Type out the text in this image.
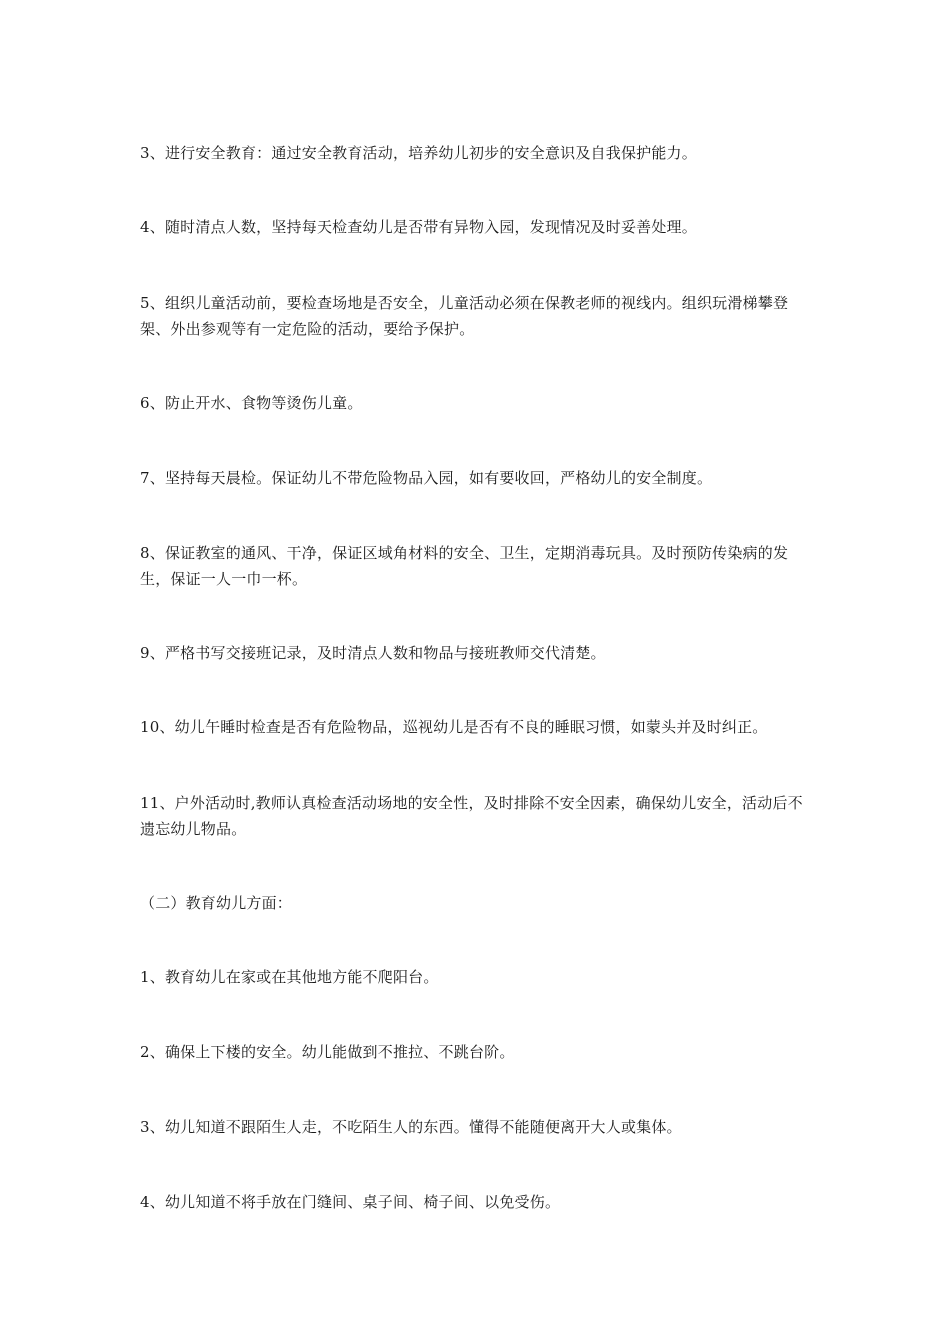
3、进行安全教育：通过安全教育活动，培养幼儿初步的安全意识及自我保护能力。

4、随时清点人数，坚持每天检查幼儿是否带有异物入园，发现情况及时妥善处理。

5、组织儿童活动前，要检查场地是否安全，儿童活动必须在保教老师的视线内。组织玩滑梯攀登架、外出参观等有一定危险的活动，要给予保护。

6、防止开水、食物等烫伤儿童。

7、坚持每天晨检。保证幼儿不带危险物品入园，如有要收回，严格幼儿的安全制度。

8、保证教室的通风、干净，保证区域角材料的安全、卫生，定期消毒玩具。及时预防传染病的发生，保证一人一巾一杯。

9、严格书写交接班记录，及时清点人数和物品与接班教师交代清楚。

10、幼儿午睡时检查是否有危险物品，巡视幼儿是否有不良的睡眠习惯，如蒙头并及时纠正。

11、户外活动时,教师认真检查活动场地的安全性，及时排除不安全因素，确保幼儿安全，活动后不遗忘幼儿物品。

（二）教育幼儿方面：

1、教育幼儿在家或在其他地方能不爬阳台。

2、确保上下楼的安全。幼儿能做到不推拉、不跳台阶。

3、幼儿知道不跟陌生人走，不吃陌生人的东西。懂得不能随便离开大人或集体。

4、幼儿知道不将手放在门缝间、桌子间、椅子间、以免受伤。
